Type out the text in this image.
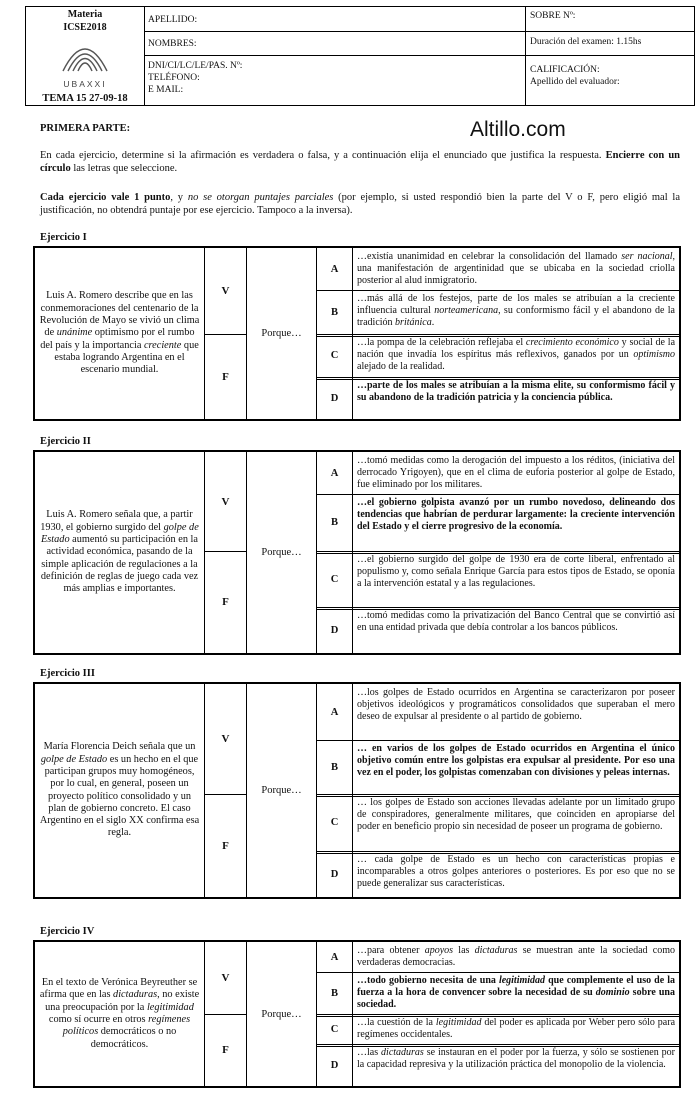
Materia
ICSE2018
UBAXXI
TEMA 15 27-09-18
APELLIDO:
NOMBRES:
DNI/CI/LC/LE/PAS. Nº:
TELÉFONO:
E MAIL:
SOBRE Nº:
Duración del examen: 1.15hs
CALIFICACIÓN:
Apellido del evaluador:
Altillo.com
PRIMERA PARTE:
En cada ejercicio, determine si la afirmación es verdadera o falsa, y a continuación elija el enunciado que justifica la respuesta. Encierre con un círculo las letras que seleccione.
Cada ejercicio vale 1 punto, y no se otorgan puntajes parciales (por ejemplo, si usted respondió bien la parte del V o F, pero eligió mal la justificación, no obtendrá puntaje por ese ejercicio. Tampoco a la inversa).
Ejercicio I
Luis A. Romero describe que en las conmemoraciones del centenario de la Revolución de Mayo se vivió un clima de unánime optimismo por el rumbo del país y la importancia creciente que estaba logrando Argentina en el escenario mundial.
V
F
Porque…
A
B
C
D
…existía unanimidad en celebrar la consolidación del llamado ser nacional, una manifestación de argentinidad que se ubicaba en la sociedad criolla posterior al alud inmigratorio.
…más allá de los festejos, parte de los males se atribuían a la creciente influencia cultural norteamericana, su conformismo fácil y el abandono de la tradición británica.
…la pompa de la celebración reflejaba el crecimiento económico y social de la nación que invadía los espíritus más reflexivos, ganados por un optimismo alejado de la realidad.
…parte de los males se atribuían a la misma elite, su conformismo fácil y su abandono de la tradición patricia y la conciencia pública.
Ejercicio II
Luis A. Romero señala que, a partir 1930, el gobierno surgido del golpe de Estado aumentó su participación en la actividad económica, pasando de la simple aplicación de regulaciones a la definición de reglas de juego cada vez más amplias e importantes.
V
F
Porque…
A
B
C
D
…tomó medidas como la derogación del impuesto a los réditos, (iniciativa del derrocado Yrigoyen), que en el clima de euforia posterior al golpe de Estado, fue eliminado por los militares.
…el gobierno golpista avanzó por un rumbo novedoso, delineando dos tendencias que habrían de perdurar largamente: la creciente intervención del Estado y el cierre progresivo de la economía.
…el gobierno surgido del golpe de 1930 era de corte liberal, enfrentado al populismo y, como señala Enrique García para estos tipos de Estado, se oponía a la intervención estatal y a las regulaciones.
…tomó medidas como la privatización del Banco Central que se convirtió así en una entidad privada que debía controlar a los bancos públicos.
Ejercicio III
María Florencia Deich señala que un golpe de Estado es un hecho en el que participan grupos muy homogéneos, por lo cual, en general, poseen un proyecto político consolidado y un plan de gobierno concreto. El caso Argentino en el siglo XX confirma esa regla.
V
F
Porque…
A
B
C
D
…los golpes de Estado ocurridos en Argentina se caracterizaron por poseer objetivos ideológicos y programáticos consolidados que superaban el mero deseo de expulsar al presidente o al partido de gobierno.
… en varios de los golpes de Estado ocurridos en Argentina el único objetivo común entre los golpistas era expulsar al presidente. Por eso una vez en el poder, los golpistas comenzaban con divisiones y peleas internas.
… los golpes de Estado son acciones llevadas adelante por un limitado grupo de conspiradores, generalmente militares, que coinciden en apropiarse del poder en beneficio propio sin necesidad de poseer un programa de gobierno.
… cada golpe de Estado es un hecho con características propias e incomparables a otros golpes anteriores o posteriores. Es por eso que no se puede generalizar sus características.
Ejercicio IV
En el texto de Verónica Beyreuther se afirma que en las dictaduras, no existe una preocupación por la legitimidad como sí ocurre en otros regímenes políticos democráticos o no democráticos.
V
F
Porque…
A
B
C
D
…para obtener apoyos las dictaduras se muestran ante la sociedad como verdaderas democracias.
…todo gobierno necesita de una legitimidad que complemente el uso de la fuerza a la hora de convencer sobre la necesidad de su dominio sobre una sociedad.
…la cuestión de la legitimidad del poder es aplicada por Weber pero sólo para regímenes occidentales.
…las dictaduras se instauran en el poder por la fuerza, y sólo se sostienen por la capacidad represiva y la utilización práctica del monopolio de la violencia.
